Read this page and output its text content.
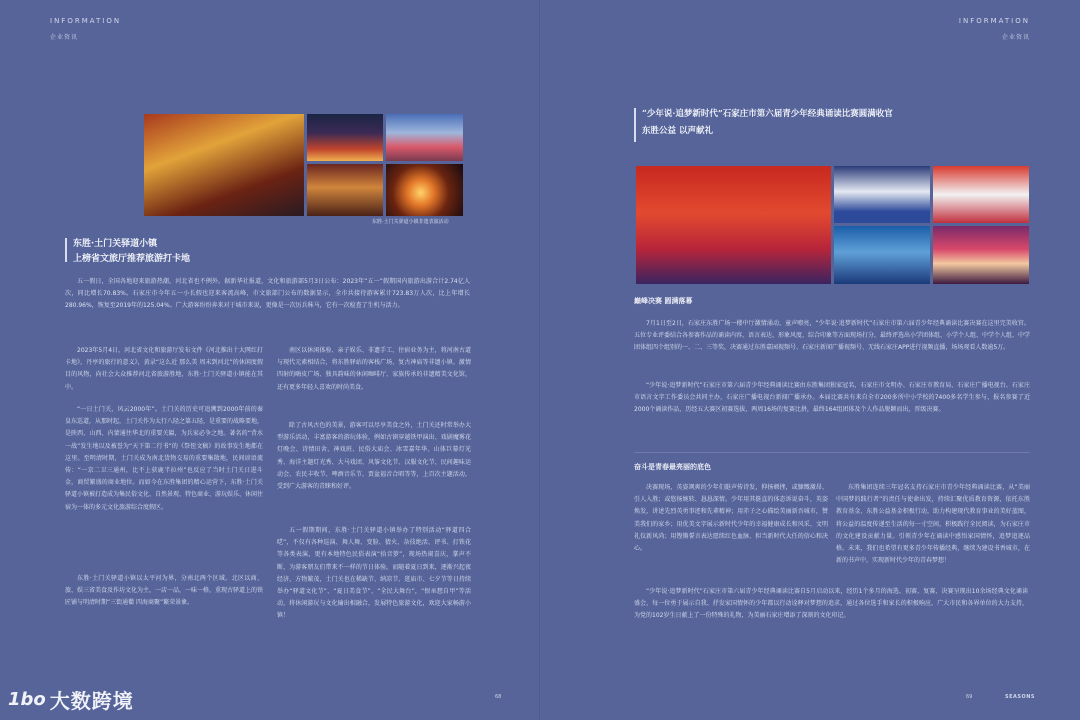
INFORMATION
企业资讯
东胜·土门关驿道小镇非遗表演活动
东胜·土门关驿道小镇
上榜省文旅厅推荐旅游打卡地
五一假日，全国各地迎来旅游热潮，河北省也不例外。据新华社报道，文化和旅游部5月3日公布：2023年“五一”假期国内旅游出游合计2.74亿人次，同比增长70.83%。石家庄市今年五一小长假也迎来客流高峰，市文旅部门公布的数据显示，全市共接待游客累计723.83万人次，比上年增长280.96%，恢复至2019年的125.04%。广大游客纷纷奔来对于城市来说，更像是一次厉兵秣马，它有一次检查了生机与活力。
2023年5月4日，河北省文化和旅游厅发布文件《河北推出十大网红打卡地》，丹亭的旅行的意义》，黄录“这么近 那么美 周末到河北”的休闲度假目的风物，向社会大众推荐河北省旅游胜地，东胜·土门关驿道小镇能在其中。
“一日土门关，风云2000年”。土门关的历史可追溯到2000年前的秦皇东巡道，从那时起，土门关作为太行八陉之第五陉，是重要的战略要地，是陕西、山西、内蒙通往华北的重要关隘，为兵家必争之地。著名的“背水一战”发生地以及被誉为“天下第二行书”的《祭侄文稿》的故事发生地都在这里。至明清时期，土门关成为南北货物交易的重要集散地，民间谚语流传：“一京二卫三通州，比不上获鹿半拉州”也反应了当时土门关日进斗金，商贸繁盛的商业地位。而如今在东胜集团的精心运营下，东胜·土门关驿道小镇被打造成为集民俗文化、自然景观、特色商业、游玩娱乐、休闲住宿为一体的多元文化旅游综合度假区。
东胜·土门关驿道小镇以太平河为界，分南北两个区域。北区以商、旅、娱三省美食及作坊文化为主，一店一品，一味一格，重现古驿道上的铁匠铺与明清时期“三街通衢 四海商聚”繁荣景象。
南区以休闲体验、亲子娱乐、非遗手工、住宿业务为主，将河南古道与现代元素相结合，将东胜驿站的客栈广场、复古神庙等非遗小镇、激情四射的嗨皮广场、独具韵味的休闲咖啡厅、家族传承的非遗精美文化馆，还有更多年轻人喜欢的时尚美食。
除了古风古色的美景，游客可以尽享美食之外，土门关还时常举办大型游乐活动，丰富游客的游玩体验，例如古镇穿越铁甲演出、戏剧魔雾花灯晚会、诗情田舍、神戏班、民俗大庙会、冰雪嘉年华、山体巨幕灯光秀、海洋主题灯光秀、大马戏团、风筝文化节、汉服文化节、民间趣味运动会、农民丰收节、啤酒音乐节、贾盆福音合唱等等，上百次主题活动，受到广大游客的青睐和好评。
五一假期期间，东胜·土门关驿道小镇举办了特别活动“驿道四合呓”，不仅有各种巡演、舞人舞、变脸、猜火、杂技绝活、评书、打铁花等各类表演，更有本地特色民俗表演“拾音箩”，现场热闹喜庆，掌声不断，为游客朋友们带来不一样的节日体验。而随着夏日到来，逐渐兴起夜经济，方物繁茂，土门关也在稀缺节、纳凉节、逛庙市、七夕节等日持续举办“驿道文化节”、“夏日美食节”、“全民大舞台”，“恨巫想自甲”等活动，将休闲游玩与文化输出相融合，发展特色旅游文化，欢迎大家畅游小镇！
68
INFORMATION
企业资讯
“少年说·追梦新时代”石家庄市第六届青少年经典诵读比赛圆满收官
东胜公益 以声献礼
巅峰决赛 圆满落幕
7月1日至2日，石家庄东胜广场一楼中厅激情涌动、童声嘹亮，“少年说·追梦新时代”石家庄市第六届青少年经典诵读比赛决赛在这里完美收官。五位专业评委结合各参赛作品的诵读内容、语言表达、形象风度、综合印象等方面现场打分，最终评选出小学团体组、小学个人组、中学个人组、中学团体组四个组别的一、二、三等奖，决赛通过东胜嘉园视频号、石家庄新闻广播视频号、无线石家庄APP进行视频直播，场场观看人数逾5万。
“少年说·追梦新时代”石家庄市第六届青少年经典诵读比赛由东胜集团独家冠名，石家庄市文明办、石家庄市教育局、石家庄广播电视台、石家庄市语言文字工作委员会共同主办，石家庄广播电视台新闻广播承办。本届比赛共有来自全市200多所中小学校的7400多名学生参与，报名参赛了近2000个诵读作品，历经五大赛区初赛选拔，两周16场的复赛比拼，最终164组团体及个人作品脱颖而出，晋级决赛。
奋斗是青春最亮丽的底色
决赛现场，英姿飒爽的少年们挺声传诗发，抑扬顿挫，或慷慨激昂、引人入胜；或悠扬婉转、恳恳深情。少年用其挺直的体态诉说奋斗，英姿焕发，讲述先烈英勇事迹和先辈精神；用赤子之心描绘美丽新吾城市，赞美我们的家乡；用优美文字展示新时代少年的幸福健康成长和风采、文明礼仪新风尚；用铿锵誓言表达愿续红色血脉、担当新时代大任的信心和决心。
“少年说·追梦新时代”石家庄市第六届青少年经典诵读比赛自5月启动以来，经历1个多月的海选、初赛、复赛、决赛呈现出10余场经典文化诵读盛会，每一位勇于展示自我、抒发家国情怀的少年都以行动诠释对梦想的追求，通过各位选手和家长的积极响应，广大市民和各界单位的大力支持，为党的102岁生日献上了一份特殊的礼物，为美丽石家庄增添了深刻的文化印记。
东胜集团连续三年冠名支持石家庄市青少年经典诵读比赛，从“美丽中国梦的践行者”的责任与使命出发，持续汇聚优质教育资源，依托东胜教育基金、东胜公益基金积极行动，助力构建现代教育事业的美好蓝图，将公益的温度传递至生活的每一寸空间，积极践行全民阅读，为石家庄市的文化建设贡献力量。引领青少年在诵读中感悟家国情怀，追梦追逐品格。未来，我们也希望有更多青少年传播经典，继续为建设书香城市，在新的书声中，实现新时代少年的青春梦想！
69	SEASONS
1bo 大数跨境
